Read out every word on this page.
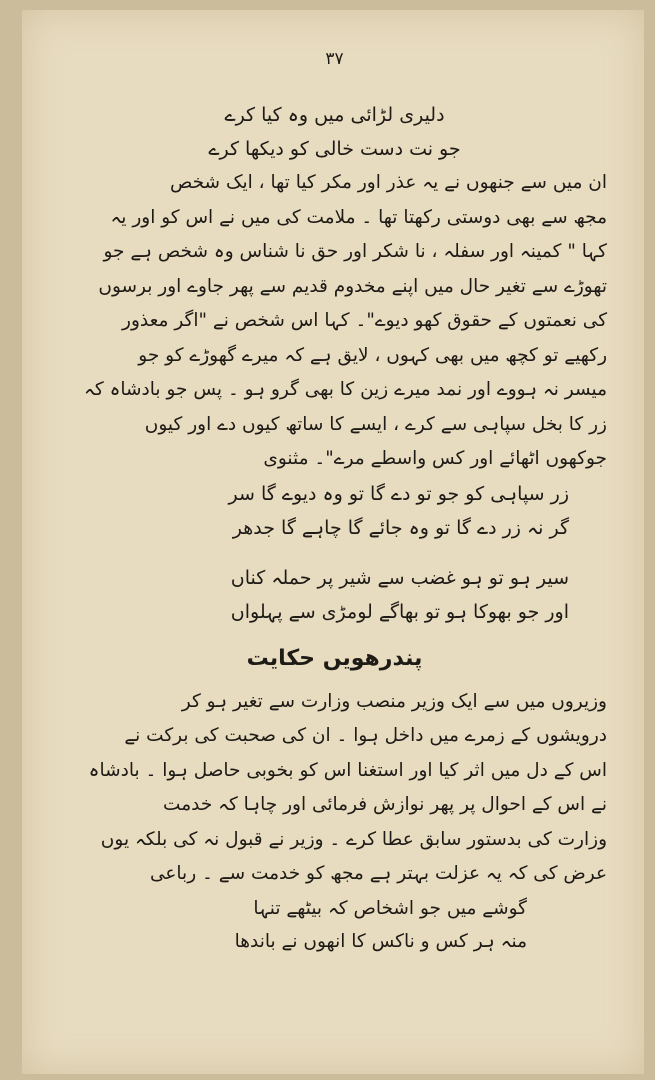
۳۷
دلیری لڑائی میں وہ کیا کرے
جو نت دست خالی کو دیکھا کرے

ان میں سے جنھوں نے یہ عذر اور مکر کیا تھا ، ایک شخص

مجھ سے بھی دوستی رکھتا تھا ۔ ملامت کی میں نے اس کو اور یہ

کہا " کمینہ اور سفلہ ، نا شکر اور حق نا شناس وہ شخص ہے جو

تھوڑے سے تغیر حال میں اپنے مخدوم قدیم سے پھر جاوے اور برسوں

کی نعمتوں کے حقوق کھو دیوے"۔ کہا اس شخص نے "اگر معذور

رکھیے تو کچھ میں بھی کہوں ، لایق ہے کہ میرے گھوڑے کو جو

میسر نہ ہووے اور نمد میرے زین کا بھی گرو ہو ۔ پس جو بادشاہ کہ

زر کا بخل سپاہی سے کرے ، ایسے کا ساتھ کیوں دے اور کیوں

جوکھوں اٹھائے اور کس واسطے مرے"۔ مثنوی

زر سپاہی کو جو تو دے گا تو وہ دیوے گا سر
گر نہ زر دے گا تو وہ جائے گا چاہے گا جدھر
سیر ہو تو ہو غضب سے شیر پر حملہ کناں
اور جو بھوکا ہو تو بھاگے لومڑی سے پہلواں
پندرھویں حکایت

وزیروں میں سے ایک وزیر منصب وزارت سے تغیر ہو کر

درویشوں کے زمرے میں داخل ہوا ۔ ان کی صحبت کی برکت نے

اس کے دل میں اثر کیا اور استغنا اس کو بخوبی حاصل ہوا ۔ بادشاہ

نے اس کے احوال پر پھر نوازش فرمائی اور چاہا کہ خدمت

وزارت کی بدستور سابق عطا کرے ۔ وزیر نے قبول نہ کی بلکہ یوں

عرض کی کہ یہ عزلت بہتر ہے مجھ کو خدمت سے ۔ رباعی

گوشے میں جو اشخاص کہ بیٹھے تنہا
منہ ہر کس و ناکس کا انھوں نے باندھا
